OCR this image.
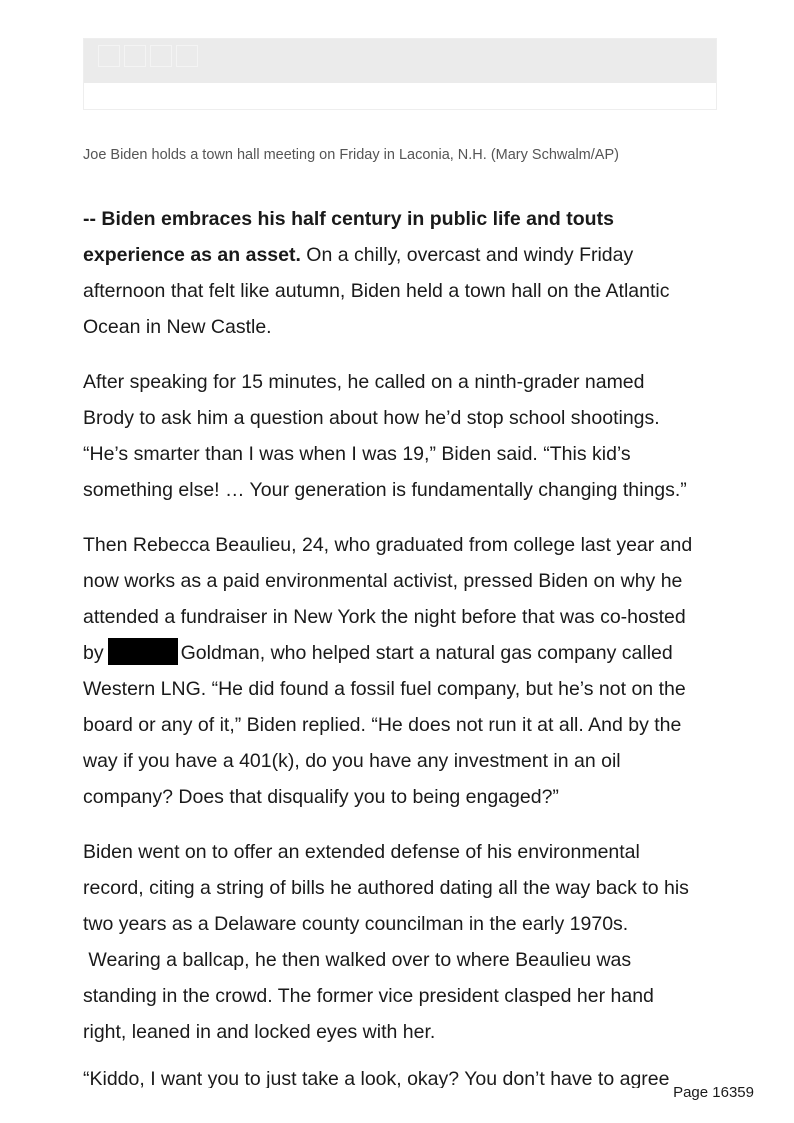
Joe Biden holds a town hall meeting on Friday in Laconia, N.H. (Mary Schwalm/AP)
-- Biden embraces his half century in public life and touts
experience as an asset. On a chilly, overcast and windy Friday
afternoon that felt like autumn, Biden held a town hall on the Atlantic
Ocean in New Castle.
After speaking for 15 minutes, he called on a ninth-grader named
Brody to ask him a question about how he’d stop school shootings.
“He’s smarter than I was when I was 19,” Biden said. “This kid’s
something else! … Your generation is fundamentally changing things.”
Then Rebecca Beaulieu, 24, who graduated from college last year and
now works as a paid environmental activist, pressed Biden on why he
attended a fundraiser in New York the night before that was co-hosted
by	Goldman, who helped start a natural gas company called
Western LNG. “He did found a fossil fuel company, but he’s not on the
board or any of it,” Biden replied. “He does not run it at all. And by the
way if you have a 401(k), do you have any investment in an oil
company? Does that disqualify you to being engaged?”
Biden went on to offer an extended defense of his environmental
record, citing a string of bills he authored dating all the way back to his
two years as a Delaware county councilman in the early 1970s.
Wearing a ballcap, he then walked over to where Beaulieu was
standing in the crowd. The former vice president clasped her hand
right, leaned in and locked eyes with her.
“Kiddo, I want you to just take a look, okay? You don’t have to agree
Page 16359
